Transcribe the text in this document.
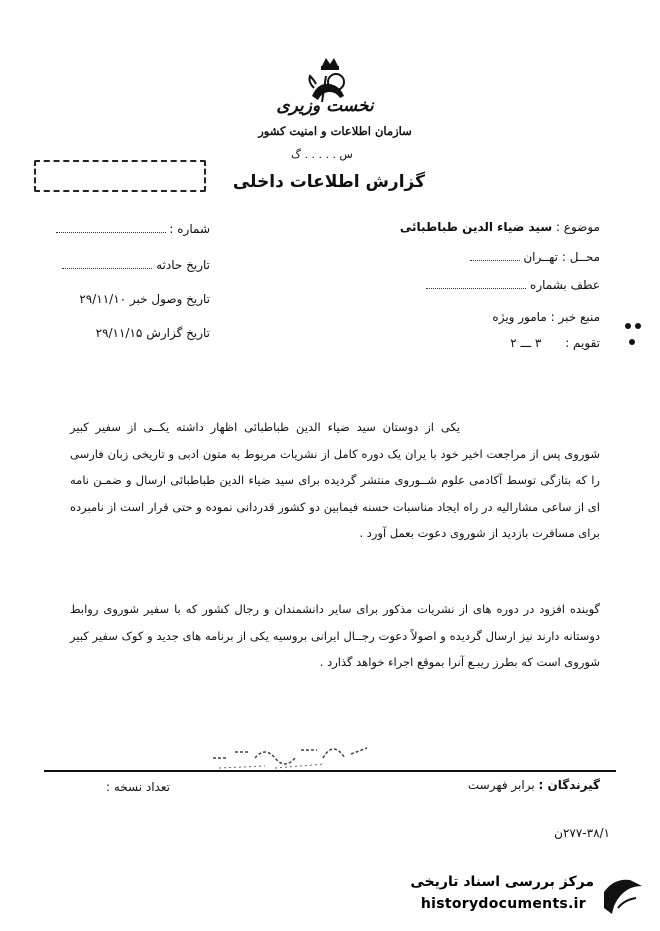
نخست وزیری
سازمان اطلاعات و امنیت کشور
س . . . . . گ
گزارش اطلاعات داخلی
شماره :
تاریخ حادثه
تاریخ وصول خبر ۲۹/۱۱/۱۰
تاریخ گزارش ۲۹/۱۱/۱۵
موضوع : سید ضیاء الدین طباطبائی
محــل : تهــران
عطف بشماره
منبع خبر : مامور ویژه
تقویم : ۳ ـــ ۲
یکی از دوستان سید ضیاء الدین طباطبائی اظهار داشته یکــی از سفیر کبیر شوروی پس از مراجعت اخیر خود با یران یک دوره کامل از نشریات مربوط به متون ادبی و تاریخی زبان فارسی را که بتازگی توسط آکادمی علوم شــوروی منتشر گردیده برای سید ضیاء الدین طباطبائی ارسال و ضمـن نامه ای از ساعی مشارالیه در راه ایجاد مناسبات حسنه فیمابین دو کشور قدردانی نموده و حتی قرار است از نامبرده برای مسافرت بازدید از شوروی دعوت بعمل آورد .
گوینده افزود در دوره های از نشریات مذکور برای سایر دانشمندان و رجال کشور که با سفیر شوروی روابط دوستانه دارند نیز ارسال گردیده و اصولاً دعوت رجــال ایرانی بروسیه یکی از برنامه های جدید و کوک سفیر کبیر شوروی است که بطرز ریبـع آنرا بموقع اجراء خواهد گذارد .
گیرندگان : برابر فهرست
تعداد نسخه :
۲۷۷-۳۸/۱ن
مرکز بررسی اسناد تاریخی
historydocuments.ir
